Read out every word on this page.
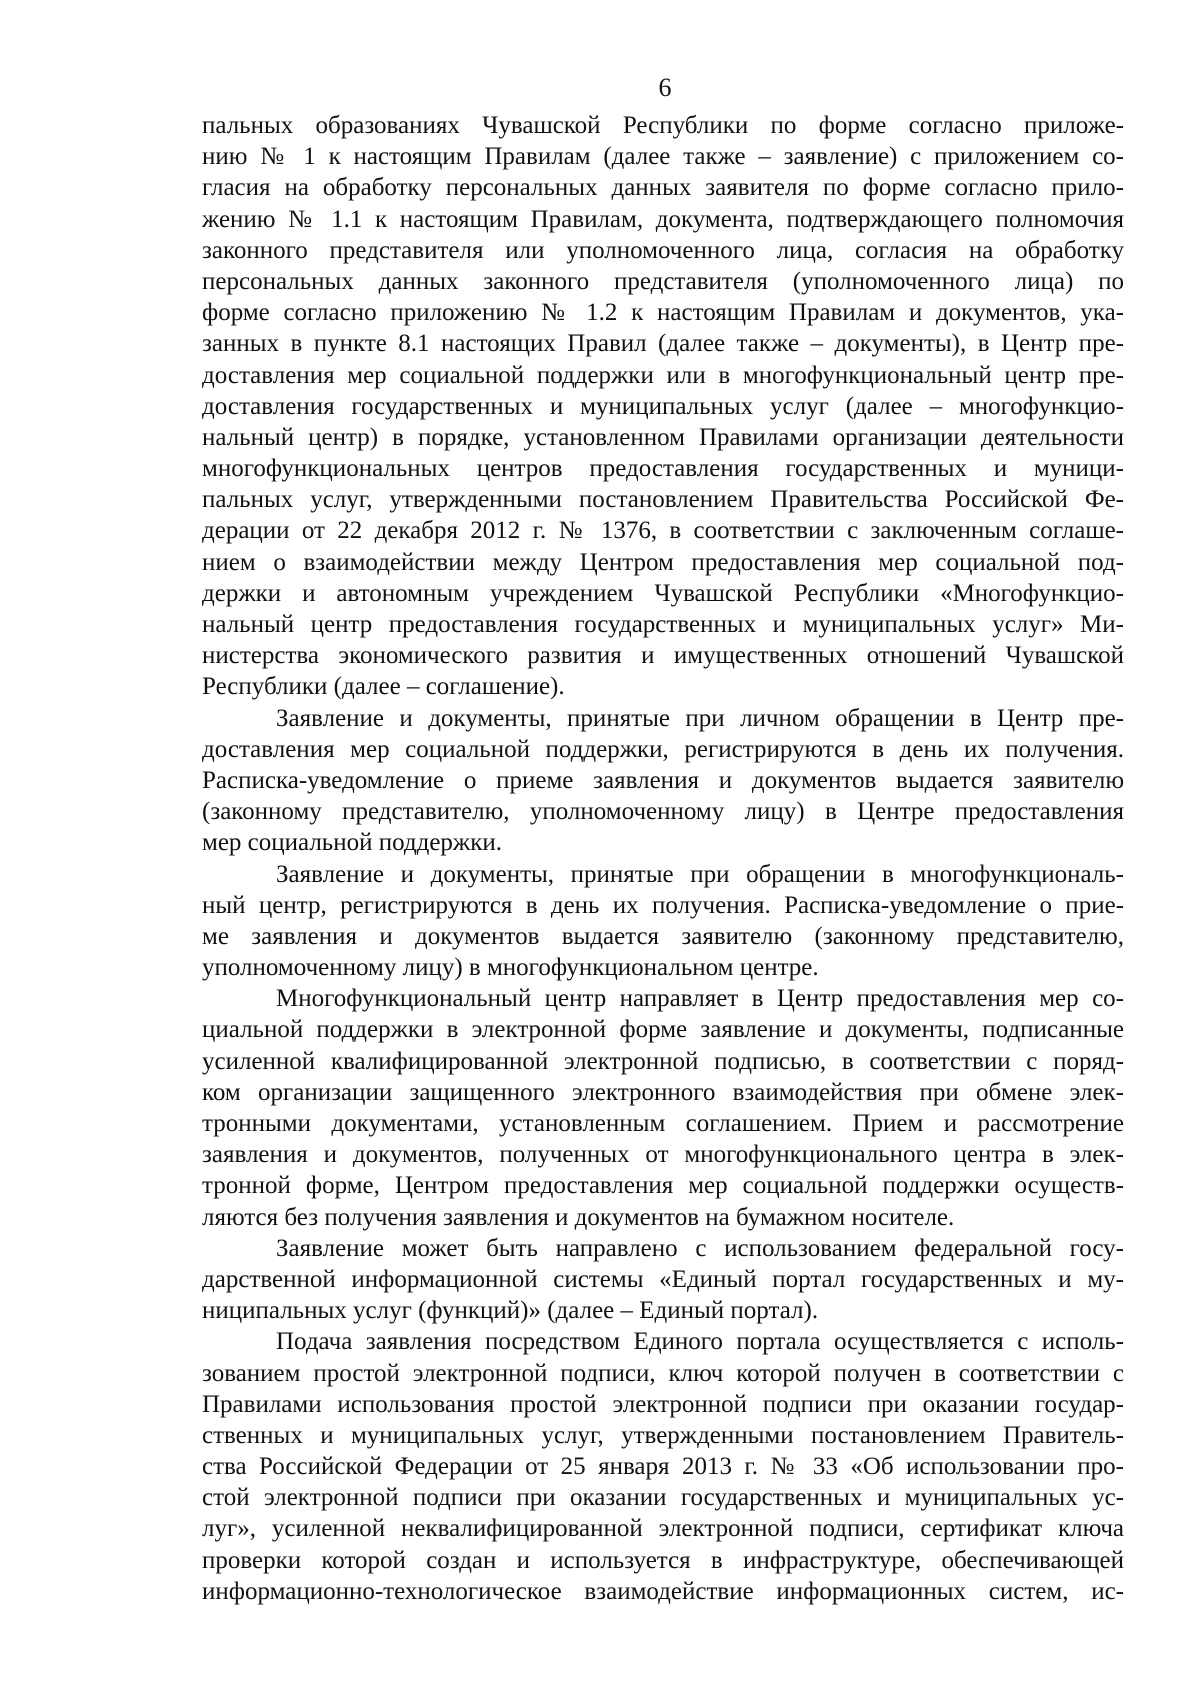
6
пальных образованиях Чувашской Республики по форме согласно приложе-
нию № 1 к настоящим Правилам (далее также – заявление) с приложением со-
гласия на обработку персональных данных заявителя по форме согласно прило-
жению № 1.1 к настоящим Правилам, документа, подтверждающего полномочия
законного представителя или уполномоченного лица, согласия на обработку
персональных данных законного представителя (уполномоченного лица) по
форме согласно приложению № 1.2 к настоящим Правилам и документов, ука-
занных в пункте 8.1 настоящих Правил (далее также – документы), в Центр пре-
доставления мер социальной поддержки или в многофункциональный центр пре-
доставления государственных и муниципальных услуг (далее – многофункцио-
нальный центр) в порядке, установленном Правилами организации деятельности
многофункциональных центров предоставления государственных и муници-
пальных услуг, утвержденными постановлением Правительства Российской Фе-
дерации от 22 декабря 2012 г. № 1376, в соответствии с заключенным соглаше-
нием о взаимодействии между Центром предоставления мер социальной под-
держки и автономным учреждением Чувашской Республики «Многофункцио-
нальный центр предоставления государственных и муниципальных услуг» Ми-
нистерства экономического развития и имущественных отношений Чувашской
Республики (далее – соглашение).
Заявление и документы, принятые при личном обращении в Центр пре-
доставления мер социальной поддержки, регистрируются в день их получения.
Расписка-уведомление о приеме заявления и документов выдается заявителю
(законному представителю, уполномоченному лицу) в Центре предоставления
мер социальной поддержки.
Заявление и документы, принятые при обращении в многофункциональ-
ный центр, регистрируются в день их получения. Расписка-уведомление о прие-
ме заявления и документов выдается заявителю (законному представителю,
уполномоченному лицу) в многофункциональном центре.
Многофункциональный центр направляет в Центр предоставления мер со-
циальной поддержки в электронной форме заявление и документы, подписанные
усиленной квалифицированной электронной подписью, в соответствии с поряд-
ком организации защищенного электронного взаимодействия при обмене элек-
тронными документами, установленным соглашением. Прием и рассмотрение
заявления и документов, полученных от многофункционального центра в элек-
тронной форме, Центром предоставления мер социальной поддержки осуществ-
ляются без получения заявления и документов на бумажном носителе.
Заявление может быть направлено с использованием федеральной госу-
дарственной информационной системы «Единый портал государственных и му-
ниципальных услуг (функций)» (далее – Единый портал).
Подача заявления посредством Единого портала осуществляется с исполь-
зованием простой электронной подписи, ключ которой получен в соответствии с
Правилами использования простой электронной подписи при оказании государ-
ственных и муниципальных услуг, утвержденными постановлением Правитель-
ства Российской Федерации от 25 января 2013 г. № 33 «Об использовании про-
стой электронной подписи при оказании государственных и муниципальных ус-
луг», усиленной неквалифицированной электронной подписи, сертификат ключа
проверки которой создан и используется в инфраструктуре, обеспечивающей
информационно-технологическое взаимодействие информационных систем, ис-
